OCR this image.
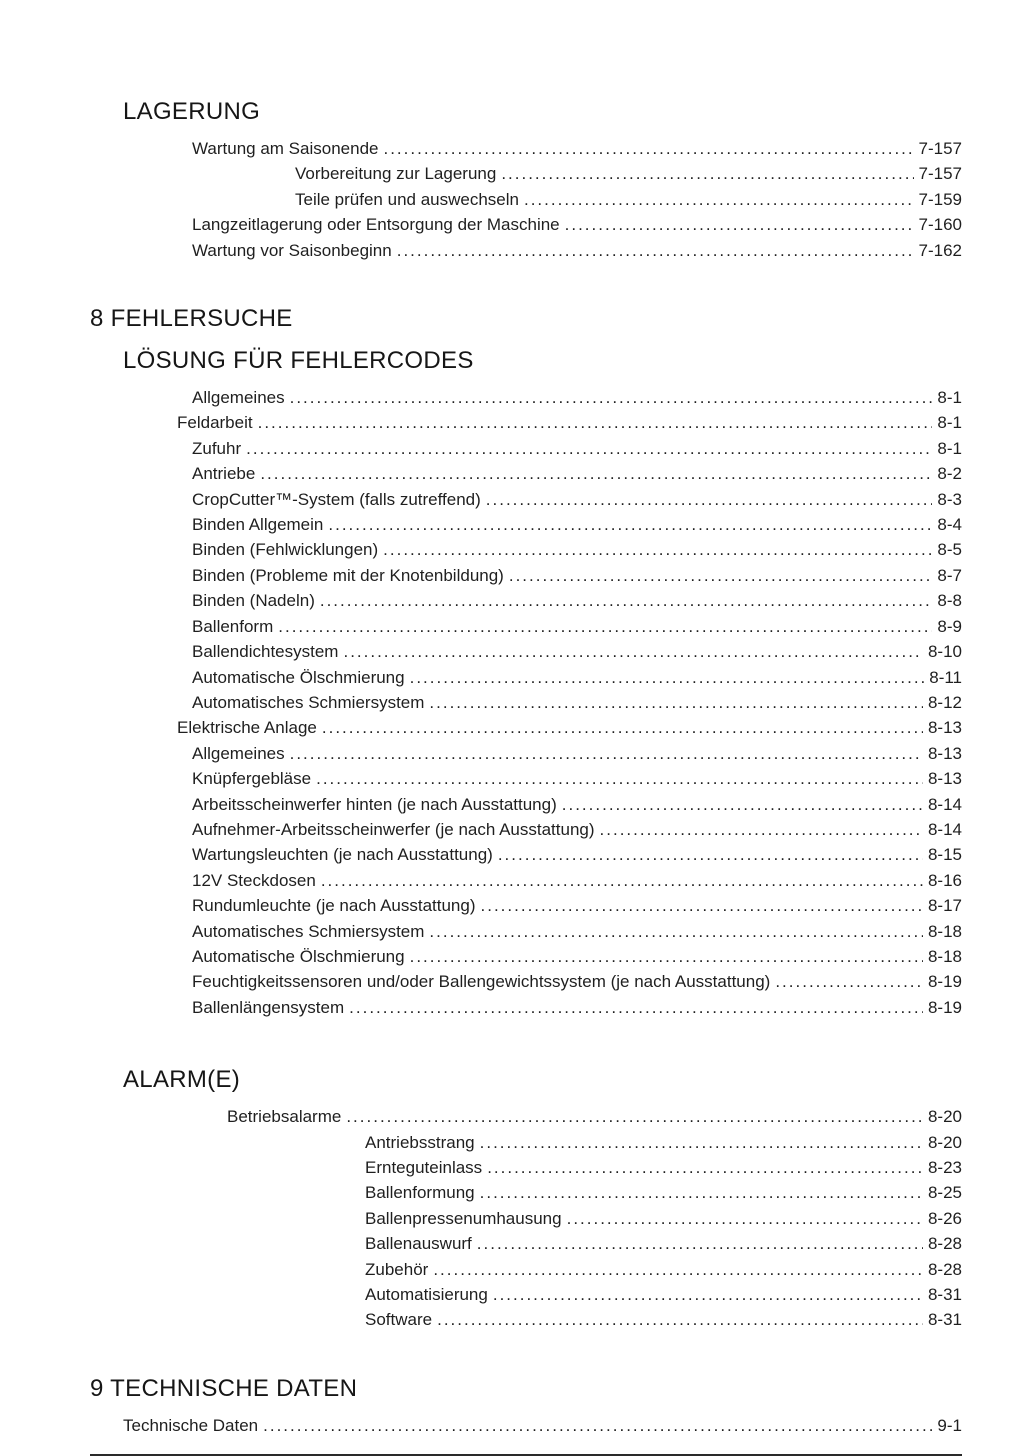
LAGERUNG
Wartung am Saisonende .....	7-157
Vorbereitung zur Lagerung .....	7-157
Teile prüfen und auswechseln .....	7-159
Langzeitlagerung oder Entsorgung der Maschine .....	7-160
Wartung vor Saisonbeginn .....	7-162
8 FEHLERSUCHE
LÖSUNG FÜR FEHLERCODES
Allgemeines .....	8-1
Feldarbeit .....	8-1
Zufuhr .....	8-1
Antriebe .....	8-2
CropCutter™-System (falls zutreffend) .....	8-3
Binden Allgemein .....	8-4
Binden (Fehlwicklungen) .....	8-5
Binden (Probleme mit der Knotenbildung) .....	8-7
Binden (Nadeln) .....	8-8
Ballenform .....	8-9
Ballendichtesystem .....	8-10
Automatische Ölschmierung .....	8-11
Automatisches Schmiersystem .....	8-12
Elektrische Anlage .....	8-13
Allgemeines .....	8-13
Knüpfergebläse .....	8-13
Arbeitsscheinwerfer hinten (je nach Ausstattung) .....	8-14
Aufnehmer-Arbeitsscheinwerfer (je nach Ausstattung) .....	8-14
Wartungsleuchten (je nach Ausstattung) .....	8-15
12V Steckdosen .....	8-16
Rundumleuchte (je nach Ausstattung) .....	8-17
Automatisches Schmiersystem .....	8-18
Automatische Ölschmierung .....	8-18
Feuchtigkeitssensoren und/oder Ballengewichtssystem (je nach Ausstattung) .....	8-19
Ballenlängensystem .....	8-19
ALARM(E)
Betriebsalarme .....	8-20
Antriebsstrang .....	8-20
Ernteguteinlass .....	8-23
Ballenformung .....	8-25
Ballenpressenumhausung .....	8-26
Ballenauswurf .....	8-28
Zubehör .....	8-28
Automatisierung .....	8-31
Software .....	8-31
9 TECHNISCHE DATEN
Technische Daten .....	9-1
